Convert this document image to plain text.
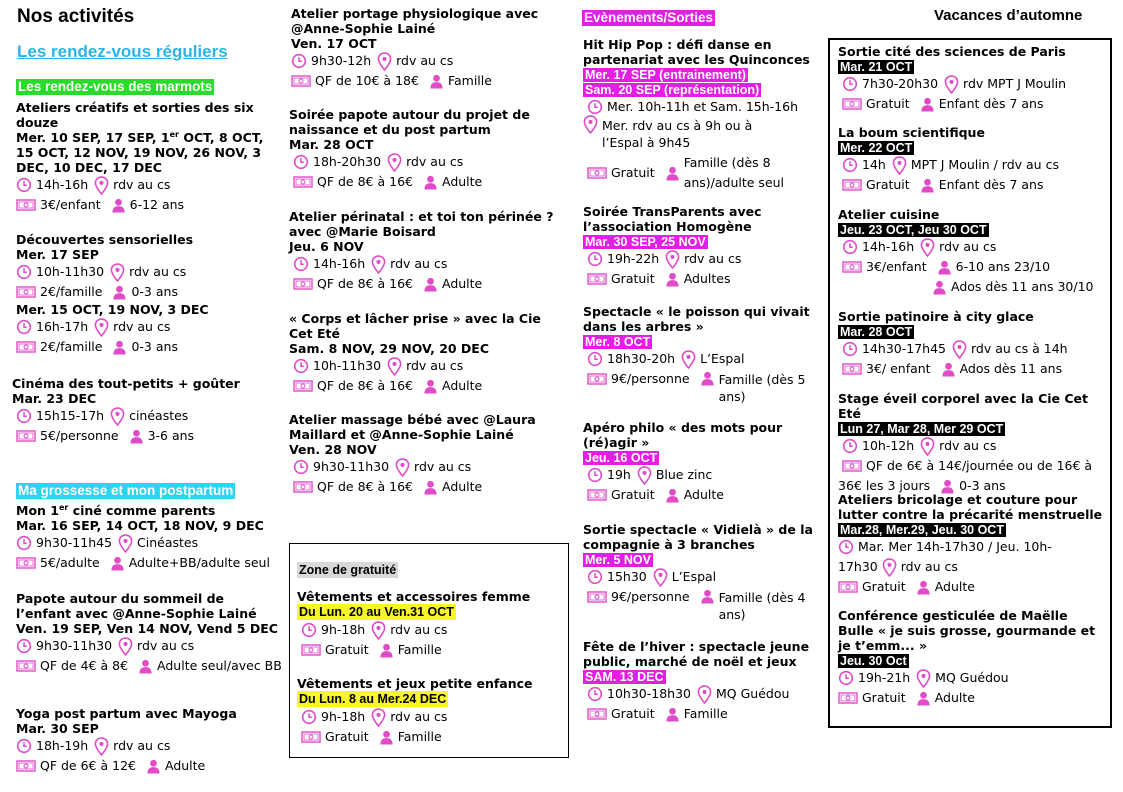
Nos activités
Les rendez-vous réguliers
Les rendez-vous des marmots
Ateliers créatifs et sorties des six douze
Mer. 10 SEP, 17 SEP, 1er OCT, 8 OCT, 15 OCT, 12 NOV, 19 NOV, 26 NOV, 3 DEC, 10 DEC, 17 DEC
14h-16h rdv au cs
3€/enfant 6-12 ans
Découvertes sensorielles
Mer. 17 SEP
10h-11h30 rdv au cs
2€/famille 0-3 ans
Mer. 15 OCT, 19 NOV, 3 DEC
16h-17h rdv au cs
2€/famille 0-3 ans
Cinéma des tout-petits + goûter
Mar. 23 DEC
15h15-17h cinéastes
5€/personne 3-6 ans
Ma grossesse et mon postpartum
Mon 1er ciné comme parents
Mar. 16 SEP, 14 OCT, 18 NOV, 9 DEC
9h30-11h45 Cinéastes
5€/adulte Adulte+BB/adulte seul
Papote autour du sommeil de l’enfant avec @Anne-Sophie Lainé
Ven. 19 SEP, Ven 14 NOV, Vend 5 DEC
9h30-11h30 rdv au cs
QF de 4€ à 8€ Adulte seul/avec BB
Yoga post partum avec Mayoga
Mar. 30 SEP
18h-19h rdv au cs
QF de 6€ à 12€ Adulte
Atelier portage physiologique avec @Anne-Sophie Lainé
Ven. 17 OCT
9h30-12h rdv au cs
QF de 10€ à 18€ Famille
Soirée papote autour du projet de naissance et du post partum
Mar. 28 OCT
18h-20h30 rdv au cs
QF de 8€ à 16€ Adulte
Atelier périnatal : et toi ton périnée ? avec @Marie Boisard
Jeu. 6 NOV
14h-16h rdv au cs
QF de 8€ à 16€ Adulte
« Corps et lâcher prise » avec la Cie Cet Eté
Sam. 8 NOV, 29 NOV, 20 DEC
10h-11h30 rdv au cs
QF de 8€ à 16€ Adulte
Atelier massage bébé avec @Laura Maillard et @Anne-Sophie Lainé
Ven. 28 NOV
9h30-11h30 rdv au cs
QF de 8€ à 16€ Adulte
Zone de gratuité
Vêtements et accessoires femme
Du Lun. 20 au Ven.31 OCT
9h-18h rdv au cs
Gratuit Famille
Vêtements et jeux petite enfance
Du Lun. 8 au Mer.24 DEC
9h-18h rdv au cs
Gratuit Famille
Evènements/Sorties
Hit Hip Pop : défi danse en partenariat avec les Quinconces
Mer. 17 SEP (entrainement)
Sam. 20 SEP (représentation)
Mer. 10h-11h et Sam. 15h-16h
Mer. rdv au cs à 9h ou à l’Espal à 9h45
Gratuit
Famille (dès 8 ans)/adulte seul
Soirée TransParents avec l’association Homogène
Mar. 30 SEP, 25 NOV
19h-22h rdv au cs
Gratuit Adultes
Spectacle « le poisson qui vivait dans les arbres »
Mer. 8 OCT
18h30-20h L’Espal
9€/personne Famille (dès 5 ans)
Apéro philo « des mots pour (ré)agir »
Jeu. 16 OCT
19h Blue zinc
Gratuit Adulte
Sortie spectacle « Vidielà » de la compagnie à 3 branches
Mer. 5 NOV
15h30 L’Espal
9€/personne Famille (dès 4 ans)
Fête de l’hiver : spectacle jeune public, marché de noël et jeux
SAM. 13 DEC
10h30-18h30 MQ Guédou
Gratuit Famille
Vacances d’automne
Sortie cité des sciences de Paris
Mar. 21 OCT
7h30-20h30 rdv MPT J Moulin
Gratuit Enfant dès 7 ans
La boum scientifique
Mer. 22 OCT
14h MPT J Moulin / rdv au cs
Gratuit Enfant dès 7 ans
Atelier cuisine
Jeu. 23 OCT, Jeu 30 OCT
14h-16h rdv au cs
3€/enfant 6-10 ans 23/10
Ados dès 11 ans 30/10
Sortie patinoire à city glace
Mar. 28 OCT
14h30-17h45 rdv au cs à 14h
3€/ enfant Ados dès 11 ans
Stage éveil corporel avec la Cie Cet Eté
Lun 27, Mar 28, Mer 29 OCT
10h-12h rdv au cs
QF de 6€ à 14€/journée ou de 16€ à
36€ les 3 jours 0-3 ans
Ateliers bricolage et couture pour lutter contre la précarité menstruelle
Mar.28, Mer.29, Jeu. 30 OCT
Mar. Mer 14h-17h30 / Jeu. 10h-
17h30 rdv au cs
Gratuit Adulte
Conférence gesticulée de Maëlle Bulle « je suis grosse, gourmande et je t’emm... »
Jeu. 30 Oct
19h-21h MQ Guédou
Gratuit Adulte
